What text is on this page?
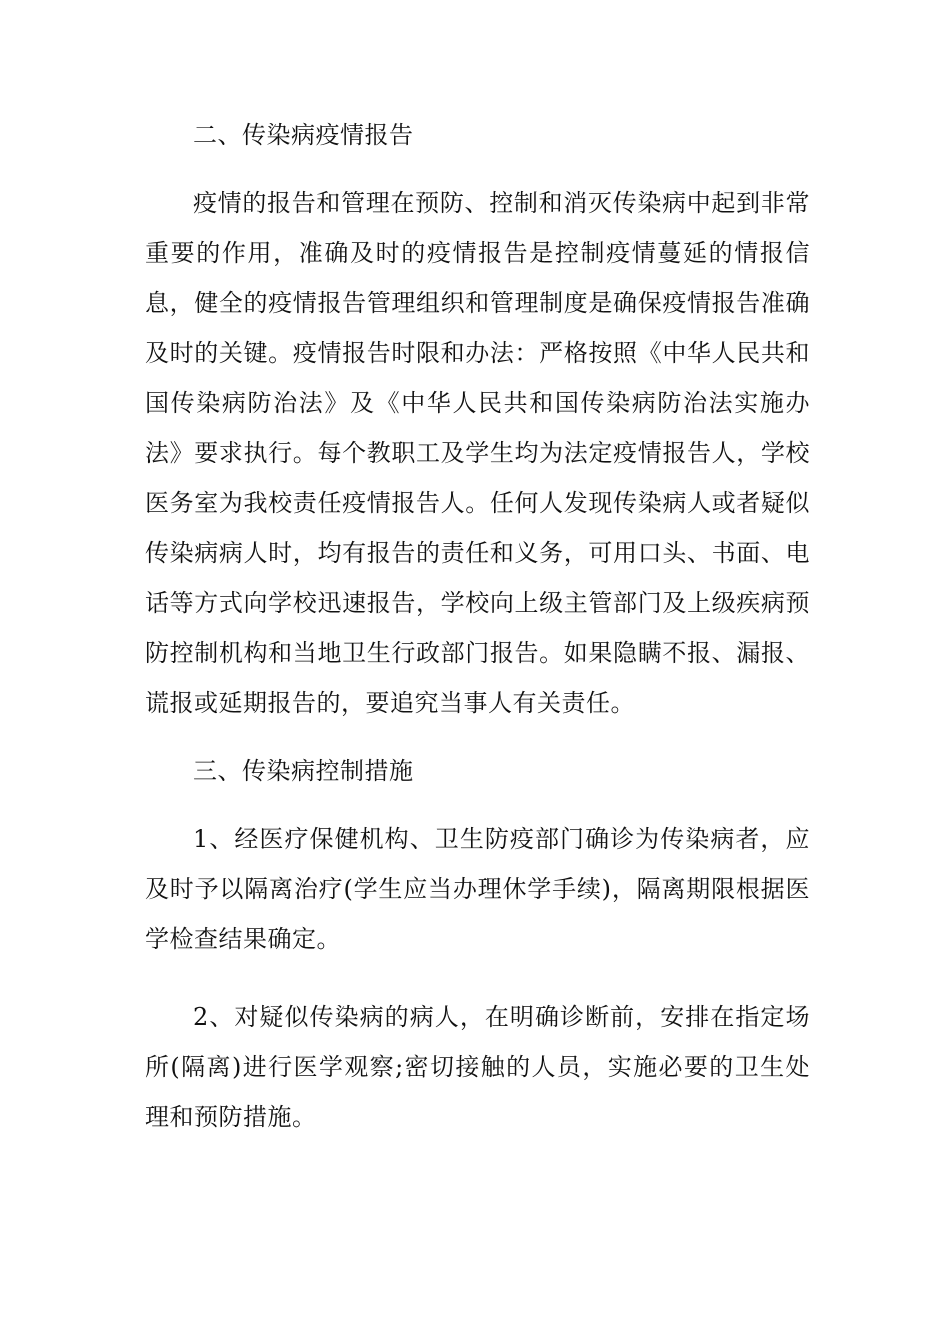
二、传染病疫情报告

疫情的报告和管理在预防、控制和消灭传染病中起到非常重要的作用，准确及时的疫情报告是控制疫情蔓延的情报信息，健全的疫情报告管理组织和管理制度是确保疫情报告准确及时的关键。疫情报告时限和办法：严格按照《中华人民共和国传染病防治法》及《中华人民共和国传染病防治法实施办法》要求执行。每个教职工及学生均为法定疫情报告人，学校医务室为我校责任疫情报告人。任何人发现传染病人或者疑似传染病病人时，均有报告的责任和义务，可用口头、书面、电话等方式向学校迅速报告，学校向上级主管部门及上级疾病预防控制机构和当地卫生行政部门报告。如果隐瞒不报、漏报、谎报或延期报告的，要追究当事人有关责任。

三、传染病控制措施

1、经医疗保健机构、卫生防疫部门确诊为传染病者，应及时予以隔离治疗(学生应当办理休学手续)，隔离期限根据医学检查结果确定。

2、对疑似传染病的病人，在明确诊断前，安排在指定场所(隔离)进行医学观察;密切接触的人员，实施必要的卫生处理和预防措施。
